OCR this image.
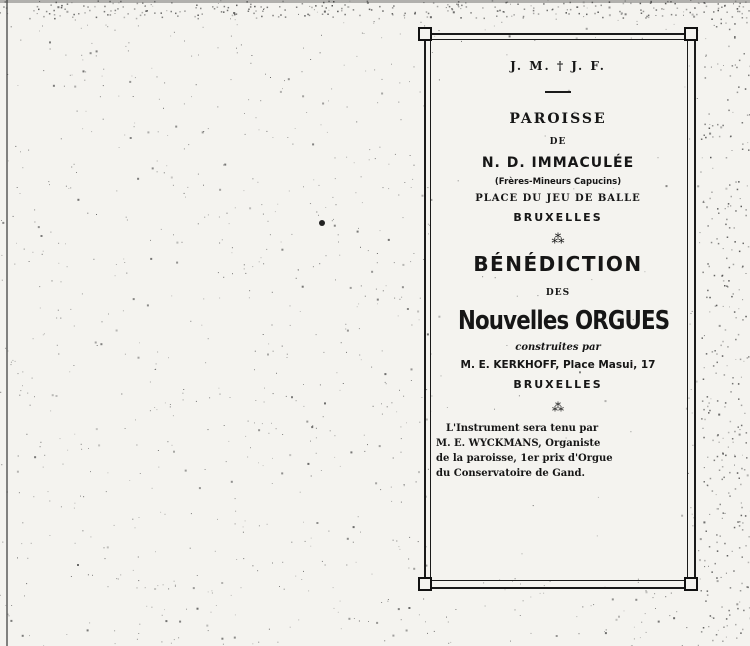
J. M. † J. F.
PAROISSE
DE
N. D. IMMACULÉE
(Frères-Mineurs Capucins)
PLACE DU JEU DE BALLE
BRUXELLES
⁂
BÉNÉDICTION
DES
Nouvelles ORGUES
construites par
M. E. KERKHOFF, Place Masui, 17
BRUXELLES
⁂
L'Instrument sera tenu par
M. E. WYCKMANS, Organiste
de la paroisse, 1er prix d'Orgue
du Conservatoire de Gand.
